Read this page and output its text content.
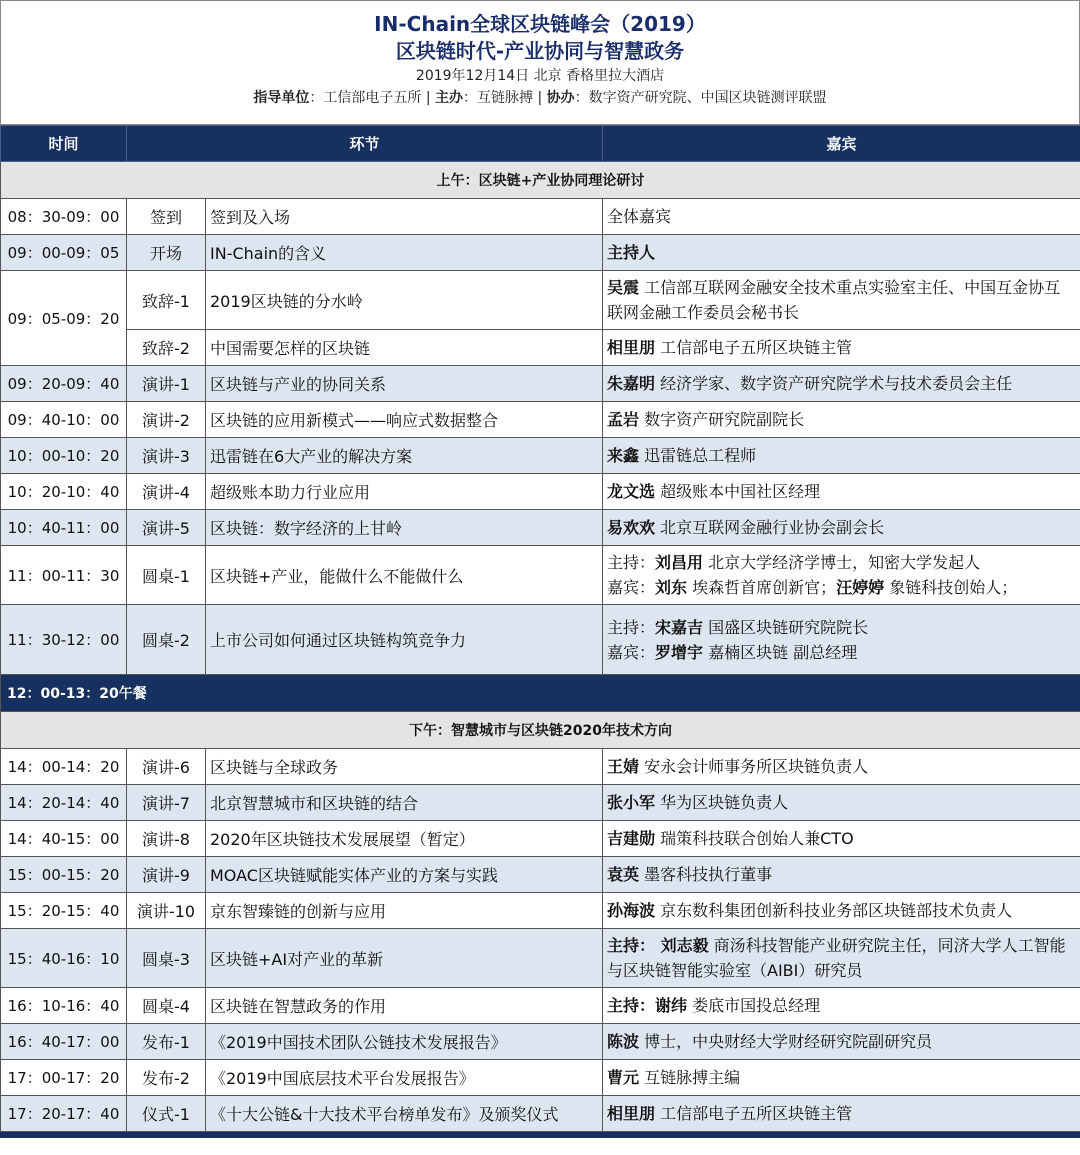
IN-Chain全球区块链峰会（2019）
区块链时代-产业协同与智慧政务
2019年12月14日 北京 香格里拉大酒店
指导单位：工信部电子五所 | 主办：互链脉搏 | 协办：数字资产研究院、中国区块链测评联盟
时间	环节		嘉宾
上午：区块链+产业协同理论研讨			
08：30-09：00	签到	签到及入场	全体嘉宾
09：00-09：05	开场	IN-Chain的含义	主持人
09：05-09：20	致辞-1	2019区块链的分水岭	吴震 工信部互联网金融安全技术重点实验室主任、中国互金协互联网金融工作委员会秘书长
	致辞-2	中国需要怎样的区块链	相里朋 工信部电子五所区块链主管
09：20-09：40	演讲-1	区块链与产业的协同关系	朱嘉明 经济学家、数字资产研究院学术与技术委员会主任
09：40-10：00	演讲-2	区块链的应用新模式——响应式数据整合	孟岩 数字资产研究院副院长
10：00-10：20	演讲-3	迅雷链在6大产业的解决方案	来鑫 迅雷链总工程师
10：20-10：40	演讲-4	超级账本助力行业应用	龙文选 超级账本中国社区经理
10：40-11：00	演讲-5	区块链：数字经济的上甘岭	易欢欢 北京互联网金融行业协会副会长
11：00-11：30	圆桌-1	区块链+产业，能做什么不能做什么	主持：刘昌用 北京大学经济学博士，知密大学发起人
嘉宾：刘东 埃森哲首席创新官；汪婷婷 象链科技创始人；

11：30-12：00	圆桌-2	上市公司如何通过区块链构筑竞争力	主持：宋嘉吉 国盛区块链研究院院长
嘉宾：罗增宇 嘉楠区块链 副总经理

12：00-13：20午餐			
下午：智慧城市与区块链2020年技术方向			
14：00-14：20	演讲-6	区块链与全球政务	王婧 安永会计师事务所区块链负责人
14：20-14：40	演讲-7	北京智慧城市和区块链的结合	张小军 华为区块链负责人
14：40-15：00	演讲-8	2020年区块链技术发展展望（暂定）	吉建勋 瑞策科技联合创始人兼CTO
15：00-15：20	演讲-9	MOAC区块链赋能实体产业的方案与实践	袁英 墨客科技执行董事
15：20-15：40	演讲-10	京东智臻链的创新与应用	孙海波 京东数科集团创新科技业务部区块链部技术负责人
15：40-16：10	圆桌-3	区块链+AI对产业的革新	主持： 刘志毅 商汤科技智能产业研究院主任，同济大学人工智能与区块链智能实验室（AIBI）研究员
16：10-16：40	圆桌-4	区块链在智慧政务的作用	主持：谢纬 娄底市国投总经理
16：40-17：00	发布-1	《2019中国技术团队公链技术发展报告》	陈波 博士，中央财经大学财经研究院副研究员
17：00-17：20	发布-2	《2019中国底层技术平台发展报告》	曹元 互链脉搏主编
17：20-17：40	仪式-1	《十大公链&十大技术平台榜单发布》及颁奖仪式	相里朋 工信部电子五所区块链主管
